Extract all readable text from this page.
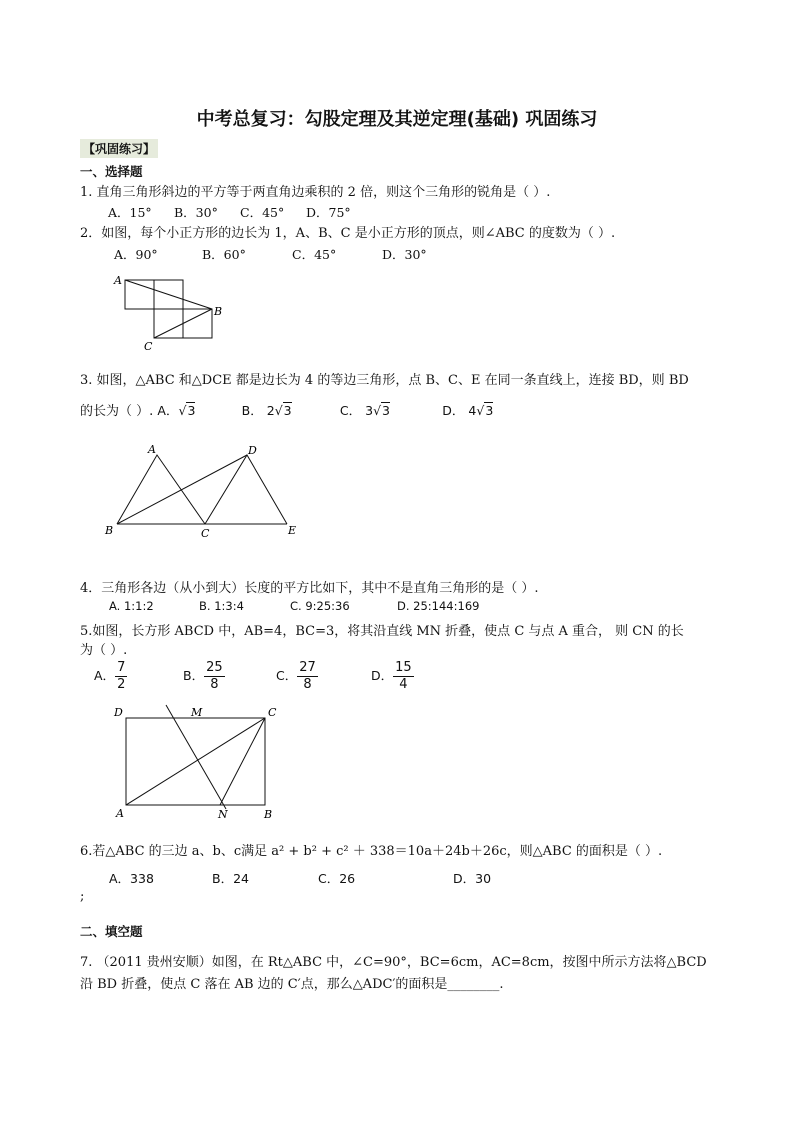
中考总复习：勾股定理及其逆定理(基础) 巩固练习
【巩固练习】
一、选择题
1. 直角三角形斜边的平方等于两直角边乘积的 2 倍，则这个三角形的锐角是（ ）.
A．15° B．30° C．45° D．75°
2．如图，每个小正方形的边长为 1，A、B、C 是小正方形的顶点，则∠ABC 的度数为（ ）.
A．90°	B．60°	C．45°	D．30°
A
B
C
3. 如图，△ABC 和△DCE 都是边长为 4 的等边三角形，点 B、C、E 在同一条直线上，连接 BD，则 BD
的长为（ ）. A．√3	B． 2√3	C． 3√3	D． 4√3
A	D
B	C	E
4．三角形各边（从小到大）长度的平方比如下，其中不是直角三角形的是（ ）.
A. 1:1:2	B. 1:3:4	C. 9:25:36	D. 25:144:169
5.如图，长方形 ABCD 中，AB=4，BC=3，将其沿直线 MN 折叠，使点 C 与点 A 重合， 则 CN 的长
为（ ）.
A． $\frac{7}{2}$	B． $\frac{25}{8}$	C． $\frac{27}{8}$	D． $\frac{15}{4}$
D	M	C
A	N	B
6.若△ABC 的三边 a、b、c满足 a² + b² + c² ＋ 338＝10a＋24b＋26c，则△ABC 的面积是（ ）.
A．338	B．24	C．26	D．30
;
二、填空题
7. （2011 贵州安顺）如图，在 Rt△ABC 中，∠C=90°，BC=6cm，AC=8cm，按图中所示方法将△BCD
沿 BD 折叠，使点 C 落在 AB 边的 C′点，那么△ADC′的面积是________.
